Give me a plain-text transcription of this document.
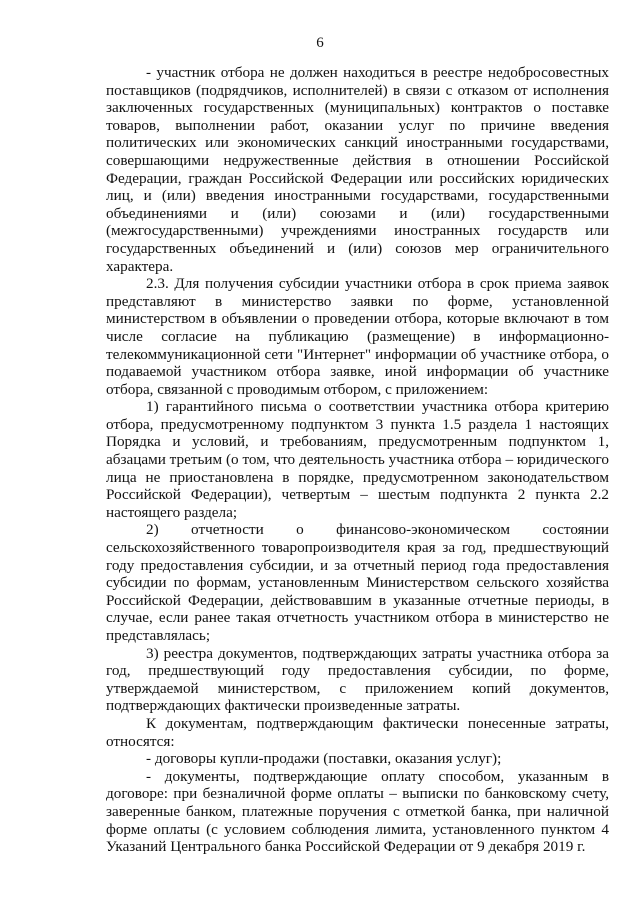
6

- участник отбора не должен находиться в реестре недобросовестных поставщиков (подрядчиков, исполнителей) в связи с отказом от исполнения заключенных государственных (муниципальных) контрактов о поставке товаров, выполнении работ, оказании услуг по причине введения политических или экономических санкций иностранными государствами, совершающими недружественные действия в отношении Российской Федерации, граждан Российской Федерации или российских юридических лиц, и (или) введения иностранными государствами, государственными объединениями и (или) союзами и (или) государственными (межгосударственными) учреждениями иностранных государств или государственных объединений и (или) союзов мер ограничительного характера.

2.3. Для получения субсидии участники отбора в срок приема заявок представляют в министерство заявки по форме, установленной министерством в объявлении о проведении отбора, которые включают в том числе согласие на публикацию (размещение) в информационно-телекоммуникационной сети "Интернет" информации об участнике отбора, о подаваемой участником отбора заявке, иной информации об участнике отбора, связанной с проводимым отбором, с приложением:

1) гарантийного письма о соответствии участника отбора критерию отбора, предусмотренному подпунктом 3 пункта 1.5 раздела 1 настоящих Порядка и условий, и требованиям, предусмотренным подпунктом 1, абзацами третьим (о том, что деятельность участника отбора – юридического лица не приостановлена в порядке, предусмотренном законодательством Российской Федерации), четвертым – шестым подпункта 2 пункта 2.2 настоящего раздела;

2) отчетности о финансово-экономическом состоянии сельскохозяйственного товаропроизводителя края за год, предшествующий году предоставления субсидии, и за отчетный период года предоставления субсидии по формам, установленным Министерством сельского хозяйства Российской Федерации, действовавшим в указанные отчетные периоды, в случае, если ранее такая отчетность участником отбора в министерство не представлялась;

3) реестра документов, подтверждающих затраты участника отбора за год, предшествующий году предоставления субсидии, по форме, утверждаемой министерством, с приложением копий документов, подтверждающих фактически произведенные затраты.

К документам, подтверждающим фактически понесенные затраты, относятся:

- договоры купли-продажи (поставки, оказания услуг);

- документы, подтверждающие оплату способом, указанным в договоре: при безналичной форме оплаты – выписки по банковскому счету, заверенные банком, платежные поручения с отметкой банка, при наличной форме оплаты (с условием соблюдения лимита, установленного пунктом 4 Указаний Центрального банка Российской Федерации от 9 декабря 2019 г.
